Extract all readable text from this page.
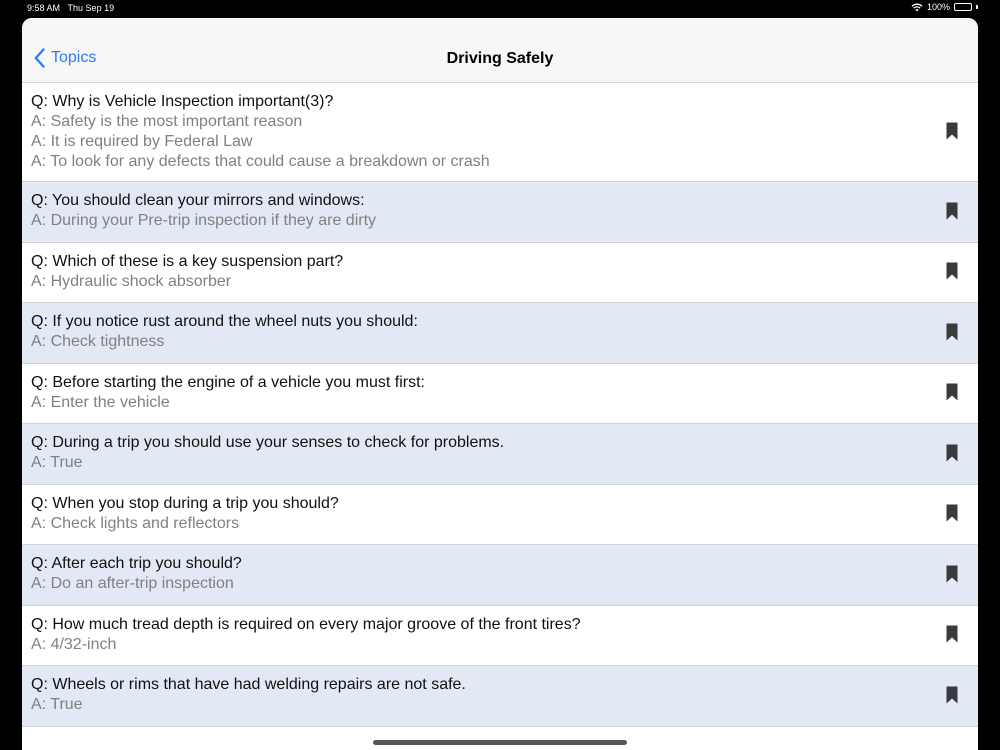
9:58 AM Thu Sep 19	100%
Topics	Driving Safely
Q: Why is Vehicle Inspection important(3)?
A: Safety is the most important reason
A: It is required by Federal Law
A: To look for any defects that could cause a breakdown or crash
Q: You should clean your mirrors and windows:
A: During your Pre-trip inspection if they are dirty
Q: Which of these is a key suspension part?
A: Hydraulic shock absorber
Q: If you notice rust around the wheel nuts you should:
A: Check tightness
Q: Before starting the engine of a vehicle you must first:
A: Enter the vehicle
Q: During a trip you should use your senses to check for problems.
A: True
Q: When you stop during a trip you should?
A: Check lights and reflectors
Q: After each trip you should?
A: Do an after-trip inspection
Q: How much tread depth is required on every major groove of the front tires?
A: 4/32-inch
Q: Wheels or rims that have had welding repairs are not safe.
A: True
